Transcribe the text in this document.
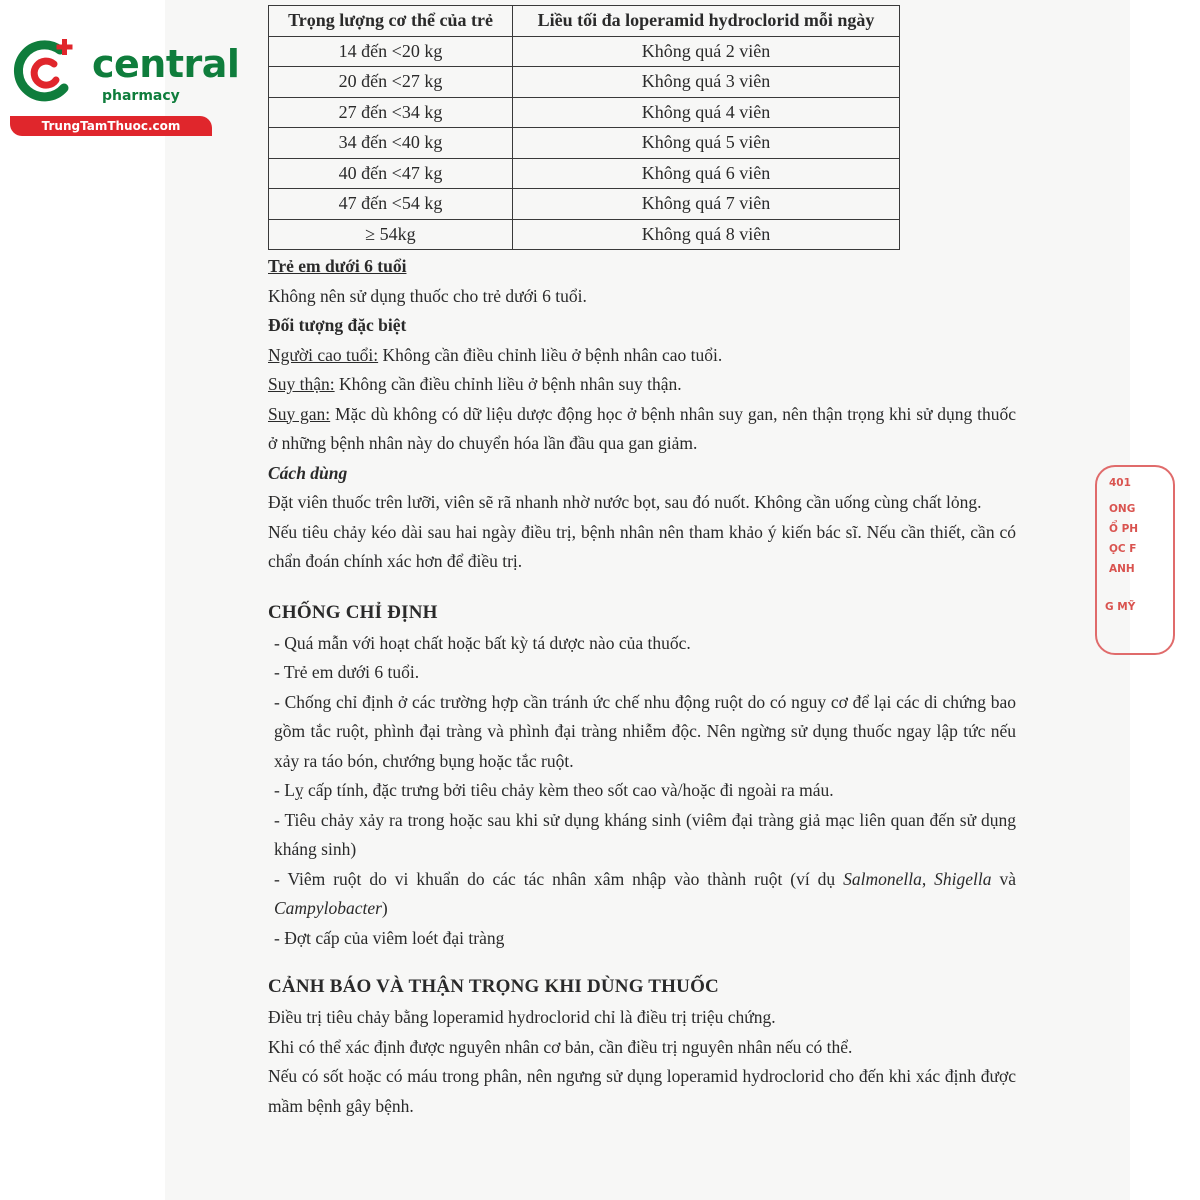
central
pharmacy
TrungTamThuoc.com
Trọng lượng cơ thể của trẻ	Liều tối đa loperamid hydroclorid mỗi ngày
14 đến <20 kg	Không quá 2 viên
20 đến <27 kg	Không quá 3 viên
27 đến <34 kg	Không quá 4 viên
34 đến <40 kg	Không quá 5 viên
40 đến <47 kg	Không quá 6 viên
47 đến <54 kg	Không quá 7 viên
≥ 54kg	Không quá 8 viên

Trẻ em dưới 6 tuổi

Không nên sử dụng thuốc cho trẻ dưới 6 tuổi.

Đối tượng đặc biệt

Người cao tuổi: Không cần điều chỉnh liều ở bệnh nhân cao tuổi.

Suy thận: Không cần điều chỉnh liều ở bệnh nhân suy thận.

Suy gan: Mặc dù không có dữ liệu dược động học ở bệnh nhân suy gan, nên thận trọng khi sử dụng thuốc ở những bệnh nhân này do chuyển hóa lần đầu qua gan giảm.

Cách dùng

Đặt viên thuốc trên lưỡi, viên sẽ rã nhanh nhờ nước bọt, sau đó nuốt. Không cần uống cùng chất lỏng.

Nếu tiêu chảy kéo dài sau hai ngày điều trị, bệnh nhân nên tham khảo ý kiến bác sĩ. Nếu cần thiết, cần có chẩn đoán chính xác hơn để điều trị.

CHỐNG CHỈ ĐỊNH

- Quá mẫn với hoạt chất hoặc bất kỳ tá dược nào của thuốc.

- Trẻ em dưới 6 tuổi.

- Chống chỉ định ở các trường hợp cần tránh ức chế nhu động ruột do có nguy cơ để lại các di chứng bao gồm tắc ruột, phình đại tràng và phình đại tràng nhiễm độc. Nên ngừng sử dụng thuốc ngay lập tức nếu xảy ra táo bón, chướng bụng hoặc tắc ruột.

- Lỵ cấp tính, đặc trưng bởi tiêu chảy kèm theo sốt cao và/hoặc đi ngoài ra máu.

- Tiêu chảy xảy ra trong hoặc sau khi sử dụng kháng sinh (viêm đại tràng giả mạc liên quan đến sử dụng kháng sinh)

- Viêm ruột do vi khuẩn do các tác nhân xâm nhập vào thành ruột (ví dụ Salmonella, Shigella và Campylobacter)

- Đợt cấp của viêm loét đại tràng

CẢNH BÁO VÀ THẬN TRỌNG KHI DÙNG THUỐC

Điều trị tiêu chảy bằng loperamid hydroclorid chỉ là điều trị triệu chứng.

Khi có thể xác định được nguyên nhân cơ bản, cần điều trị nguyên nhân nếu có thể.

Nếu có sốt hoặc có máu trong phân, nên ngưng sử dụng loperamid hydroclorid cho đến khi xác định được mầm bệnh gây bệnh.

401
ONG
Ổ PH
ỌC F
ANH
G MỸ
